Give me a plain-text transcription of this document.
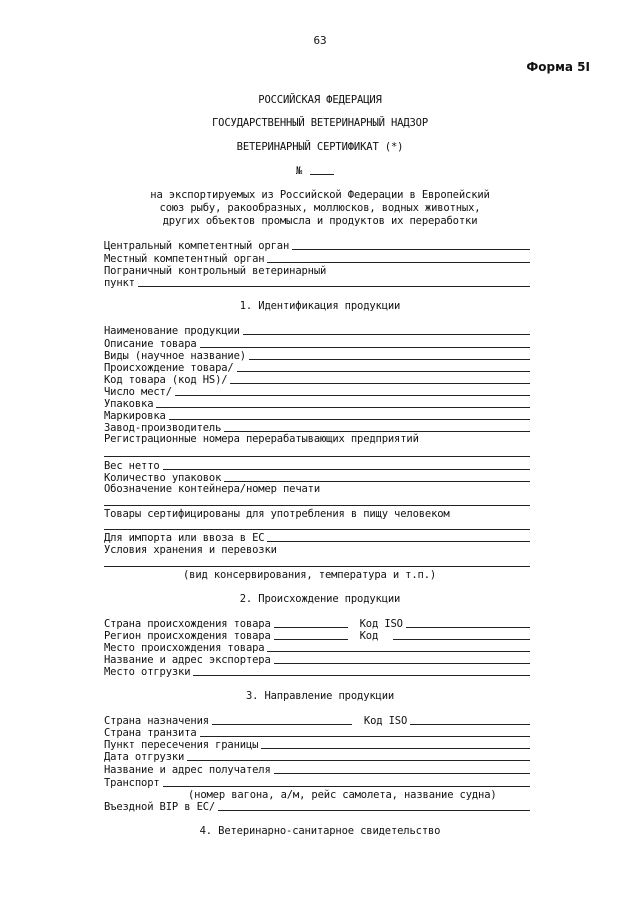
63
Форма 5I
РОССИЙСКАЯ ФЕДЕРАЦИЯ
ГОСУДАРСТВЕННЫЙ ВЕТЕРИНАРНЫЙ НАДЗОР
ВЕТЕРИНАРНЫЙ СЕРТИФИКАТ (*)
№
на экспортируемых из Российской Федерации в Европейский
союз рыбу, ракообразных, моллюсков, водных животных,
других объектов промысла и продуктов их переработки
Центральный компетентный орган
Местный компетентный орган
Пограничный контрольный ветеринарный
пункт
1. Идентификация продукции
Наименование продукции
Описание товара
Виды (научное название)
Происхождение товара/
Код товара (код HS)/
Число мест/
Упаковка
Маркировка
Завод-производитель
Регистрационные номера перерабатывающих предприятий
Вес нетто
Количество упаковок
Обозначение контейнера/номер печати
Товары сертифицированы для употребления в пищу человеком
Для импорта или ввоза в ЕС
Условия хранения и перевозки
(вид консервирования, температура и т.п.)
2. Происхождение продукции
Страна происхождения товара	Код ISO
Регион происхождения товара	Код
Место происхождения товара
Название и адрес экспортера
Место отгрузки
3. Направление продукции
Страна назначения	Код ISO
Страна транзита
Пункт пересечения границы
Дата отгрузки
Название и адрес получателя
Транспорт
(номер вагона, а/м, рейс самолета, название судна)
Въездной BIP в ЕС/
4. Ветеринарно-санитарное свидетельство
